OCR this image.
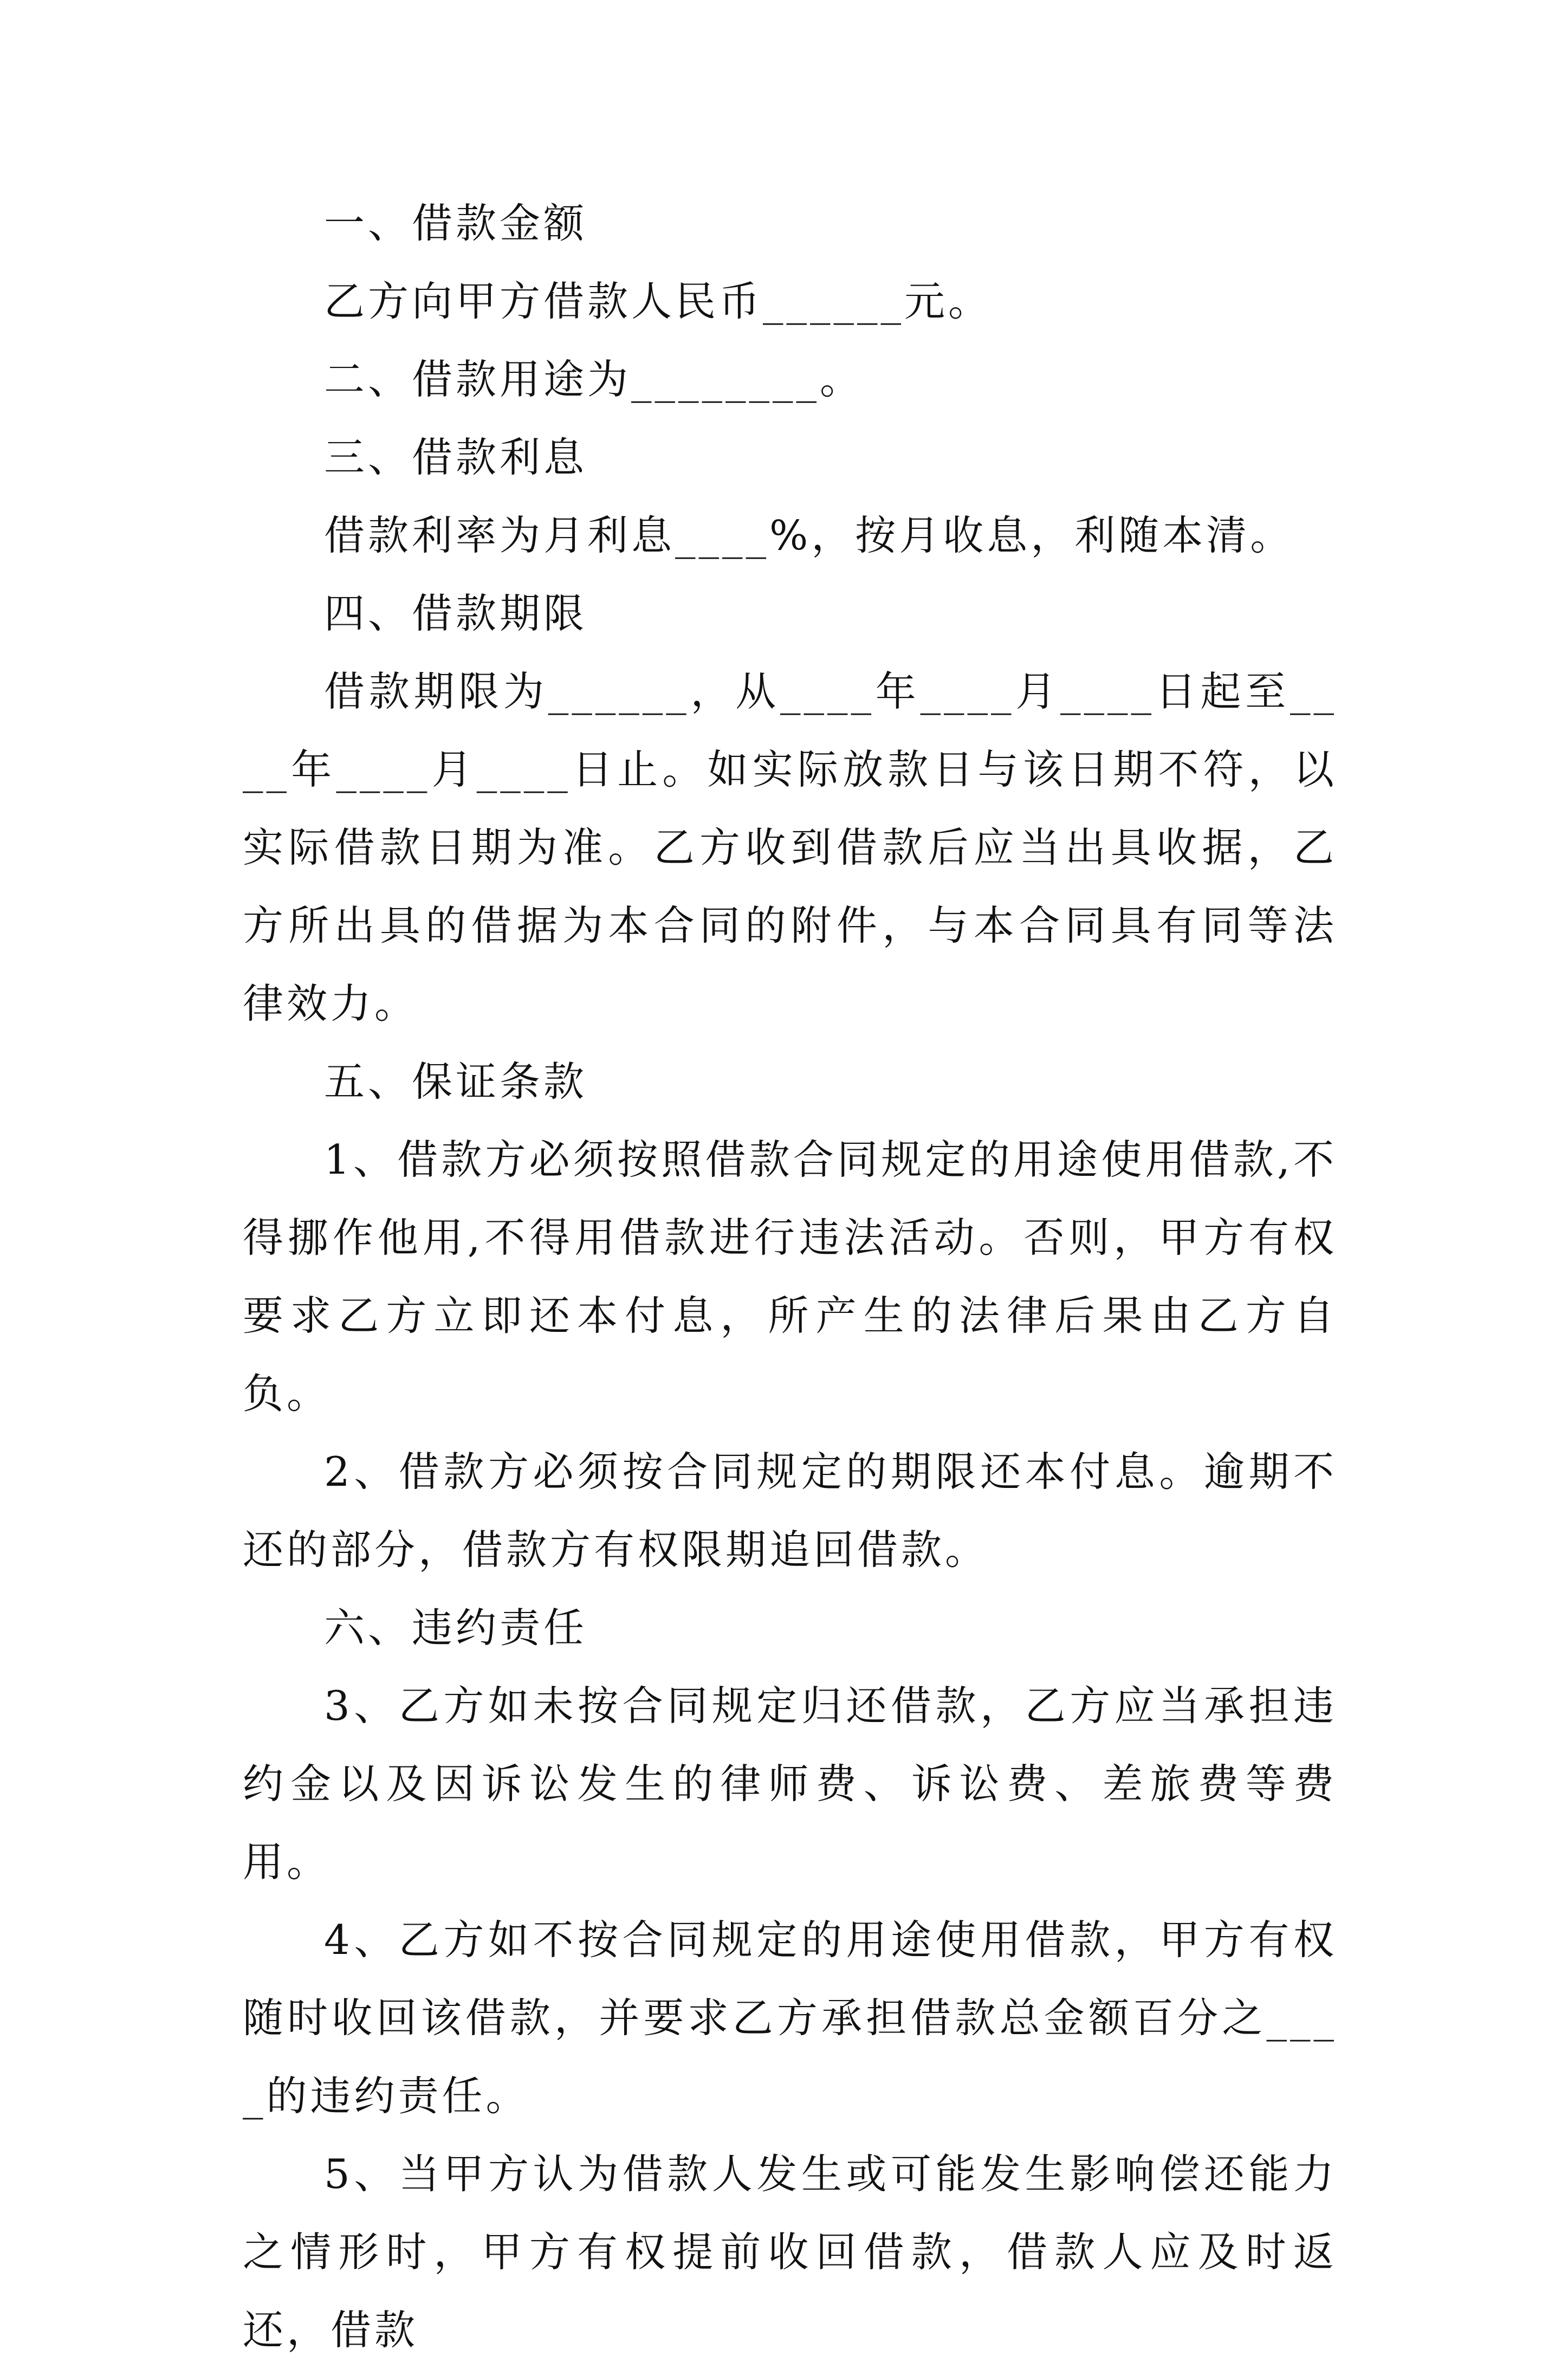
一、借款金额

乙方向甲方借款人民币______元。

二、借款用途为________。

三、借款利息

借款利率为月利息____%，按月收息，利随本清。

四、借款期限

借款期限为______，从____年____月____日起至____年____月____日止。如实际放款日与该日期不符，以实际借款日期为准。乙方收到借款后应当出具收据，乙方所出具的借据为本合同的附件，与本合同具有同等法律效力。

五、保证条款

1、借款方必须按照借款合同规定的用途使用借款,不得挪作他用,不得用借款进行违法活动。否则，甲方有权要求乙方立即还本付息，所产生的法律后果由乙方自负。

2、借款方必须按合同规定的期限还本付息。逾期不还的部分，借款方有权限期追回借款。

六、违约责任

3、乙方如未按合同规定归还借款，乙方应当承担违约金以及因诉讼发生的律师费、诉讼费、差旅费等费用。

4、乙方如不按合同规定的用途使用借款，甲方有权随时收回该借款，并要求乙方承担借款总金额百分之____的违约责任。

5、当甲方认为借款人发生或可能发生影响偿还能力之情形时，甲方有权提前收回借款，借款人应及时返还，借款
